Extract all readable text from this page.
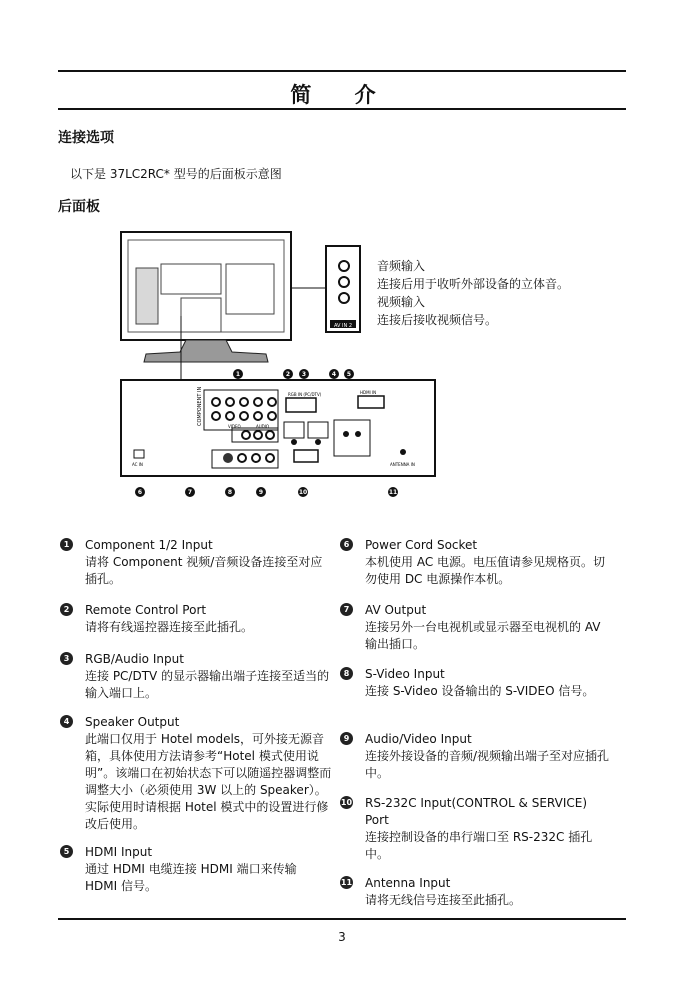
简 介
连接选项
以下是 37LC2RC* 型号的后面板示意图
后面板
AV IN 2
COMPONENT IN
VIDEO	AUDIO
RGB IN (PC/DTV)	HDMI IN
ANTENNA IN
AC IN
1	2 3	4 5
6	7	8	9	10	11
音频输入
连接后用于收听外部设备的立体音。
视频输入
连接后接收视频信号。
1	Component 1/2 Input
请将 Component 视频/音频设备连接至对应插孔。
2	Remote Control Port
请将有线遥控器连接至此插孔。
3	RGB/Audio Input
连接 PC/DTV 的显示器输出端子连接至适当的输入端口上。
4	Speaker Output
此端口仅用于 Hotel models，可外接无源音箱，具体使用方法请参考“Hotel 模式使用说明”。该端口在初始状态下可以随遥控器调整而调整大小（必须使用 3W 以上的 Speaker）。实际使用时请根据 Hotel 模式中的设置进行修改后使用。
5	HDMI Input
通过 HDMI 电缆连接 HDMI 端口来传输 HDMI 信号。
6	Power Cord Socket
本机使用 AC 电源。电压值请参见规格页。切勿使用 DC 电源操作本机。
7	AV Output
连接另外一台电视机或显示器至电视机的 AV 输出插口。
8	S-Video Input
连接 S-Video 设备输出的 S-VIDEO 信号。
9	Audio/Video Input
连接外接设备的音频/视频输出端子至对应插孔中。
10 RS-232C Input(CONTROL & SERVICE) Port
连接控制设备的串行端口至 RS-232C 插孔中。
11 Antenna Input
请将无线信号连接至此插孔。
3
